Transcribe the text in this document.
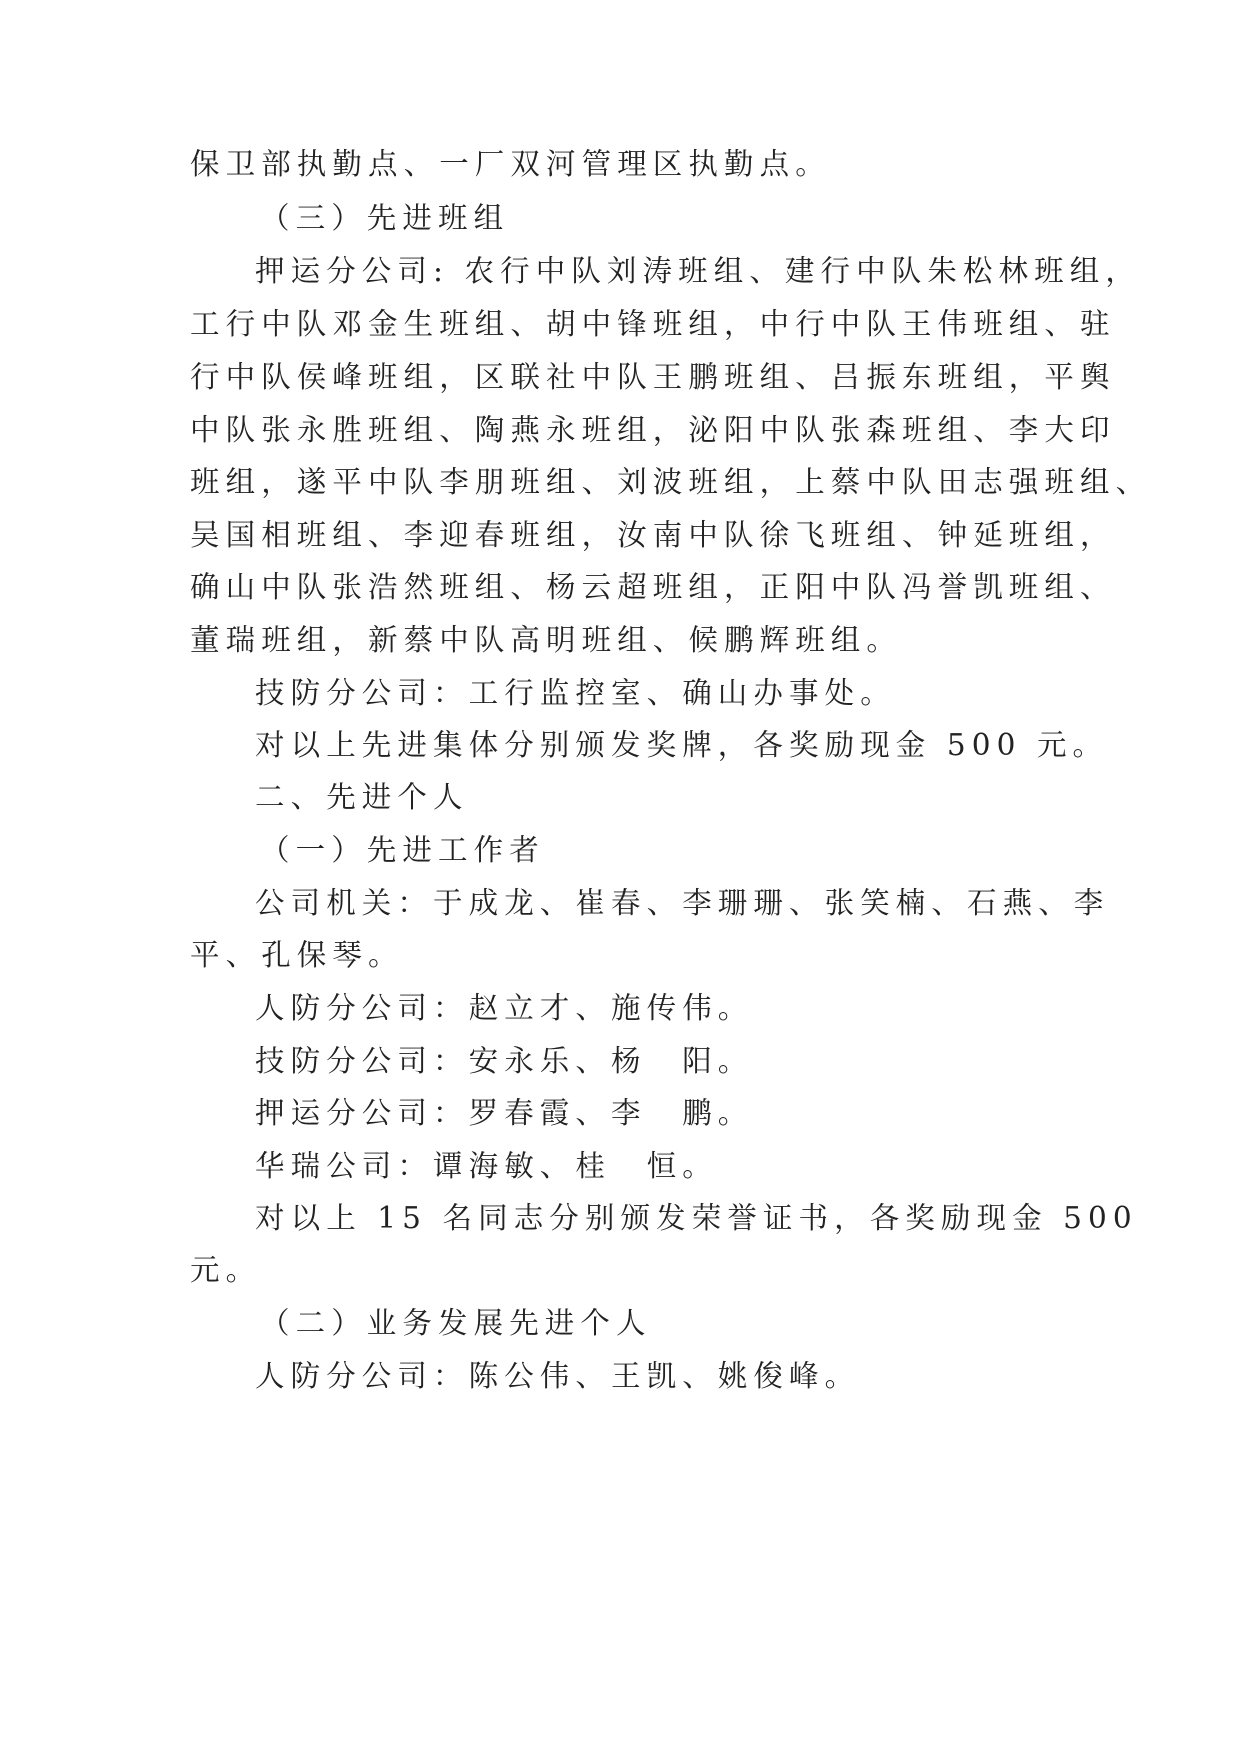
保卫部执勤点、一厂双河管理区执勤点。
（三）先进班组
押运分公司: 农行中队刘涛班组、建行中队朱松林班组，
工行中队邓金生班组、胡中锋班组，中行中队王伟班组、驻
行中队侯峰班组，区联社中队王鹏班组、吕振东班组，平舆
中队张永胜班组、陶燕永班组，泌阳中队张森班组、李大印
班组，遂平中队李朋班组、刘波班组，上蔡中队田志强班组、
吴国相班组、李迎春班组，汝南中队徐飞班组、钟延班组，
确山中队张浩然班组、杨云超班组，正阳中队冯誉凯班组、
董瑞班组，新蔡中队高明班组、候鹏辉班组。
技防分公司：工行监控室、确山办事处。
对以上先进集体分别颁发奖牌，各奖励现金 500 元。
二、先进个人
（一）先进工作者
公司机关：于成龙、崔春、李珊珊、张笑楠、石燕、李
平、孔保琴。
人防分公司：赵立才、施传伟。
技防分公司：安永乐、杨　阳。
押运分公司：罗春霞、李　鹏。
华瑞公司：谭海敏、桂　恒。
对以上 15 名同志分别颁发荣誉证书，各奖励现金 500
元。
（二）业务发展先进个人
人防分公司：陈公伟、王凯、姚俊峰。
